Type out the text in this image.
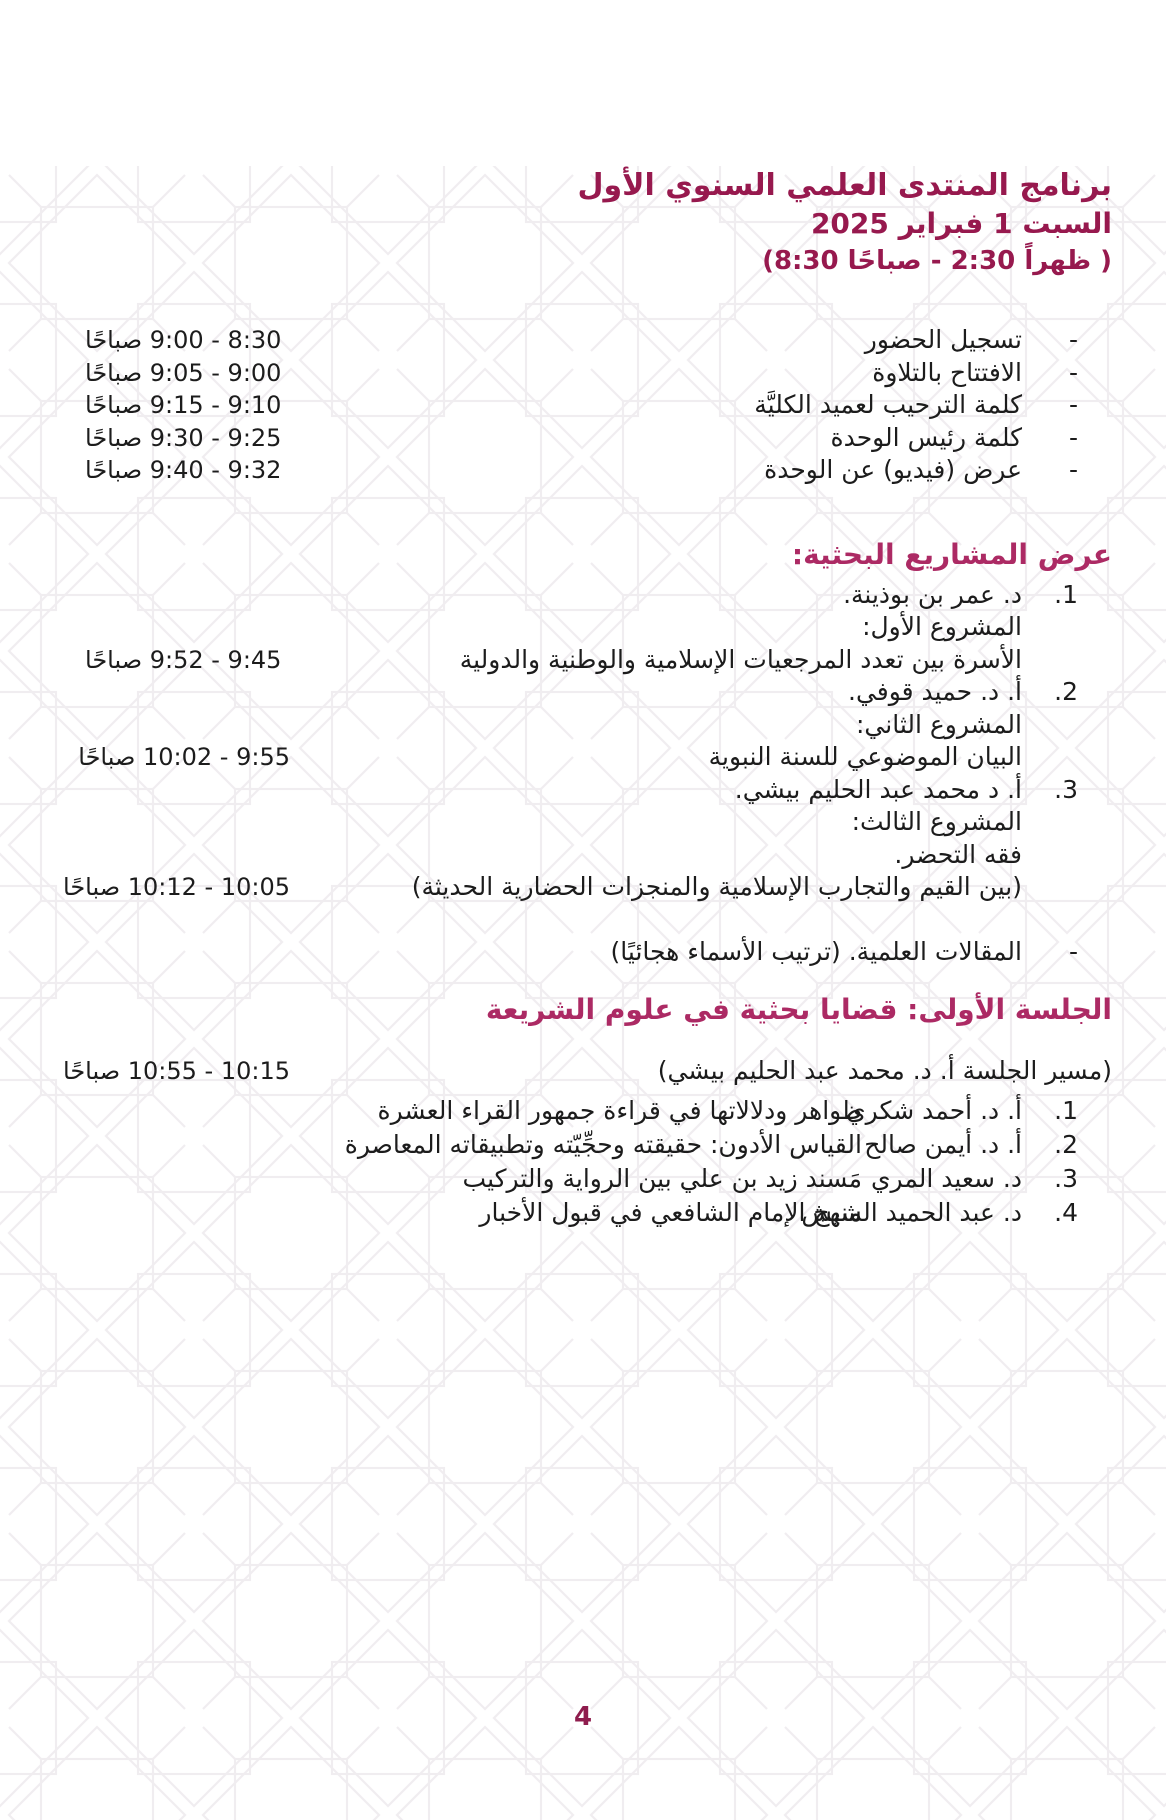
برنامج المنتدى العلمي السنوي الأول
السبت 1 فبراير 2025
(8:30 صباحًا‎ - 2:30 ظهراً‎ )
-
تسجيل الحضور
8:30 - 9:00 صباحًا
-
الافتتاح بالتلاوة
9:00 - 9:05 صباحًا
-
كلمة الترحيب لعميد الكليَّة
9:10 - 9:15 صباحًا
-
كلمة رئيس الوحدة
9:25 - 9:30 صباحًا
-
عرض (فيديو) عن الوحدة
9:32 - 9:40 صباحًا
عرض المشاريع البحثية:
1.
د. عمر بن بوذينة.
المشروع الأول:
الأسرة بين تعدد المرجعيات الإسلامية والوطنية والدولية
9:45 - 9:52 صباحًا
2.
أ. د. حميد قوفي.
المشروع الثاني:
البيان الموضوعي للسنة النبوية
9:55 - 10:02 صباحًا
3.
أ. د محمد عبد الحليم بيشي.
المشروع الثالث:
فقه التحضر.
(بين القيم والتجارب الإسلامية والمنجزات الحضارية الحديثة)
10:05 - 10:12 صباحًا
-
المقالات العلمية. (ترتيب الأسماء هجائيًا)
الجلسة الأولى: قضايا بحثية في علوم الشريعة
(مسير الجلسة أ. د. محمد عبد الحليم بيشي)
10:15 - 10:55 صباحًا
1.
أ. د. أحمد شكري
ظواهر ودلالاتها في قراءة جمهور القراء العشرة
2.
أ. د. أيمن صالح
القياس الأدون: حقيقته وحجِّيّته وتطبيقاته المعاصرة
3.
د. سعيد المري
مَسند زيد بن علي بين الرواية والتركيب
4.
د. عبد الحميد الشيش
منهج الإمام الشافعي في قبول الأخبار
4
